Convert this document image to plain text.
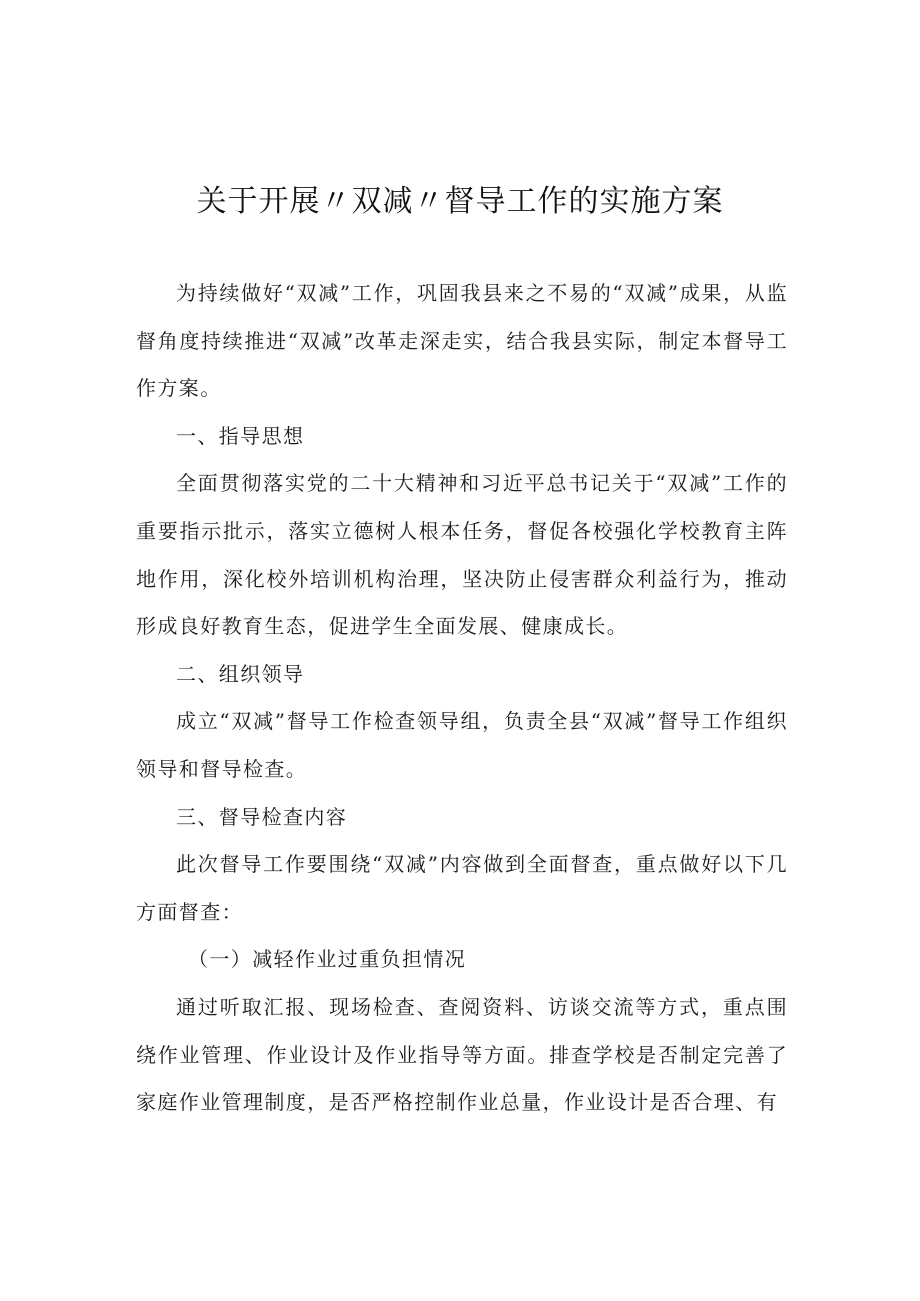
关于开展〃双减〃督导工作的实施方案

为持续做好“双减”工作，巩固我县来之不易的“双减”成果，从监督角度持续推进“双减”改革走深走实，结合我县实际，制定本督导工作方案。

一、指导思想

全面贯彻落实党的二十大精神和习近平总书记关于“双减”工作的重要指示批示，落实立德树人根本任务，督促各校强化学校教育主阵地作用，深化校外培训机构治理，坚决防止侵害群众利益行为，推动形成良好教育生态，促进学生全面发展、健康成长。

二、组织领导

成立“双减”督导工作检查领导组，负责全县“双减”督导工作组织领导和督导检查。

三、督导检查内容

此次督导工作要围绕“双减”内容做到全面督查，重点做好以下几方面督查：

（一）减轻作业过重负担情况

通过听取汇报、现场检查、查阅资料、访谈交流等方式，重点围绕作业管理、作业设计及作业指导等方面。排查学校是否制定完善了家庭作业管理制度，是否严格控制作业总量，作业设计是否合理、有
